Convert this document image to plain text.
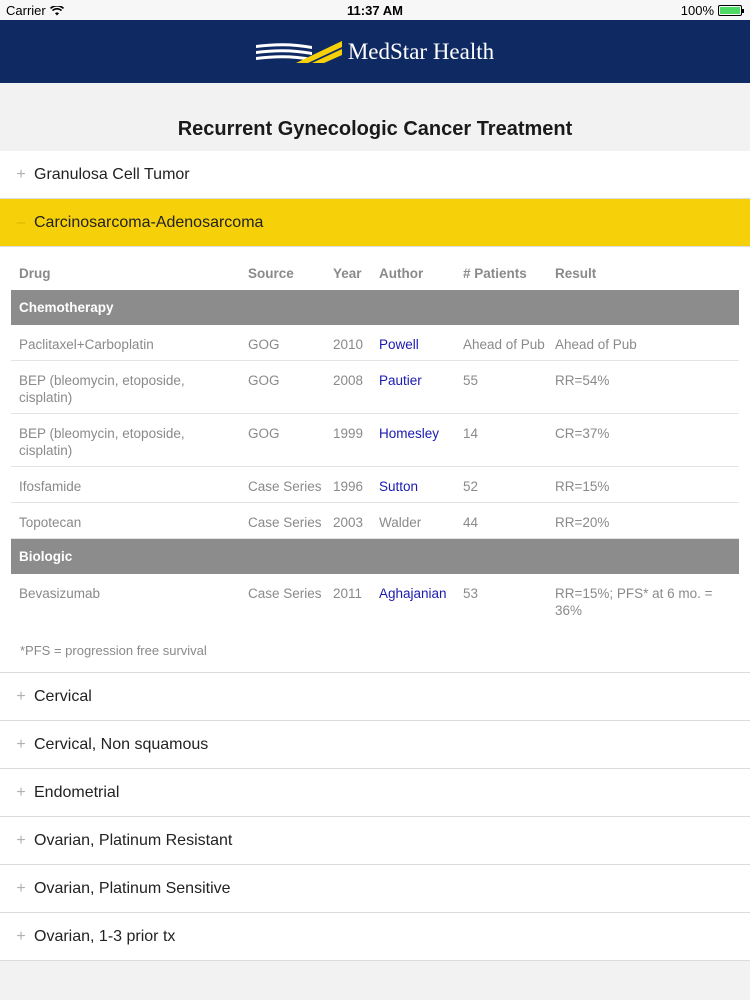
Carrier	11:37 AM	100%
MedStar Health
Recurrent Gynecologic Cancer Treatment
+ Granulosa Cell Tumor
– Carcinosarcoma-Adenosarcoma
Drug	Source	Year	Author	# Patients	Result
Chemotherapy					
Paclitaxel+Carboplatin	GOG	2010	Powell	Ahead of Pub	Ahead of Pub
BEP (bleomycin, etoposide, cisplatin)	GOG	2008	Pautier	55	RR=54%
BEP (bleomycin, etoposide, cisplatin)	GOG	1999	Homesley	14	CR=37%
Ifosfamide	Case Series	1996	Sutton	52	RR=15%
Topotecan	Case Series	2003	Walder	44	RR=20%
Biologic					
Bevasizumab	Case Series	2011	Aghajanian	53	RR=15%; PFS* at 6 mo. = 36%
*PFS = progression free survival
+ Cervical
+ Cervical, Non squamous
+ Endometrial
+ Ovarian, Platinum Resistant
+ Ovarian, Platinum Sensitive
+ Ovarian, 1-3 prior tx
